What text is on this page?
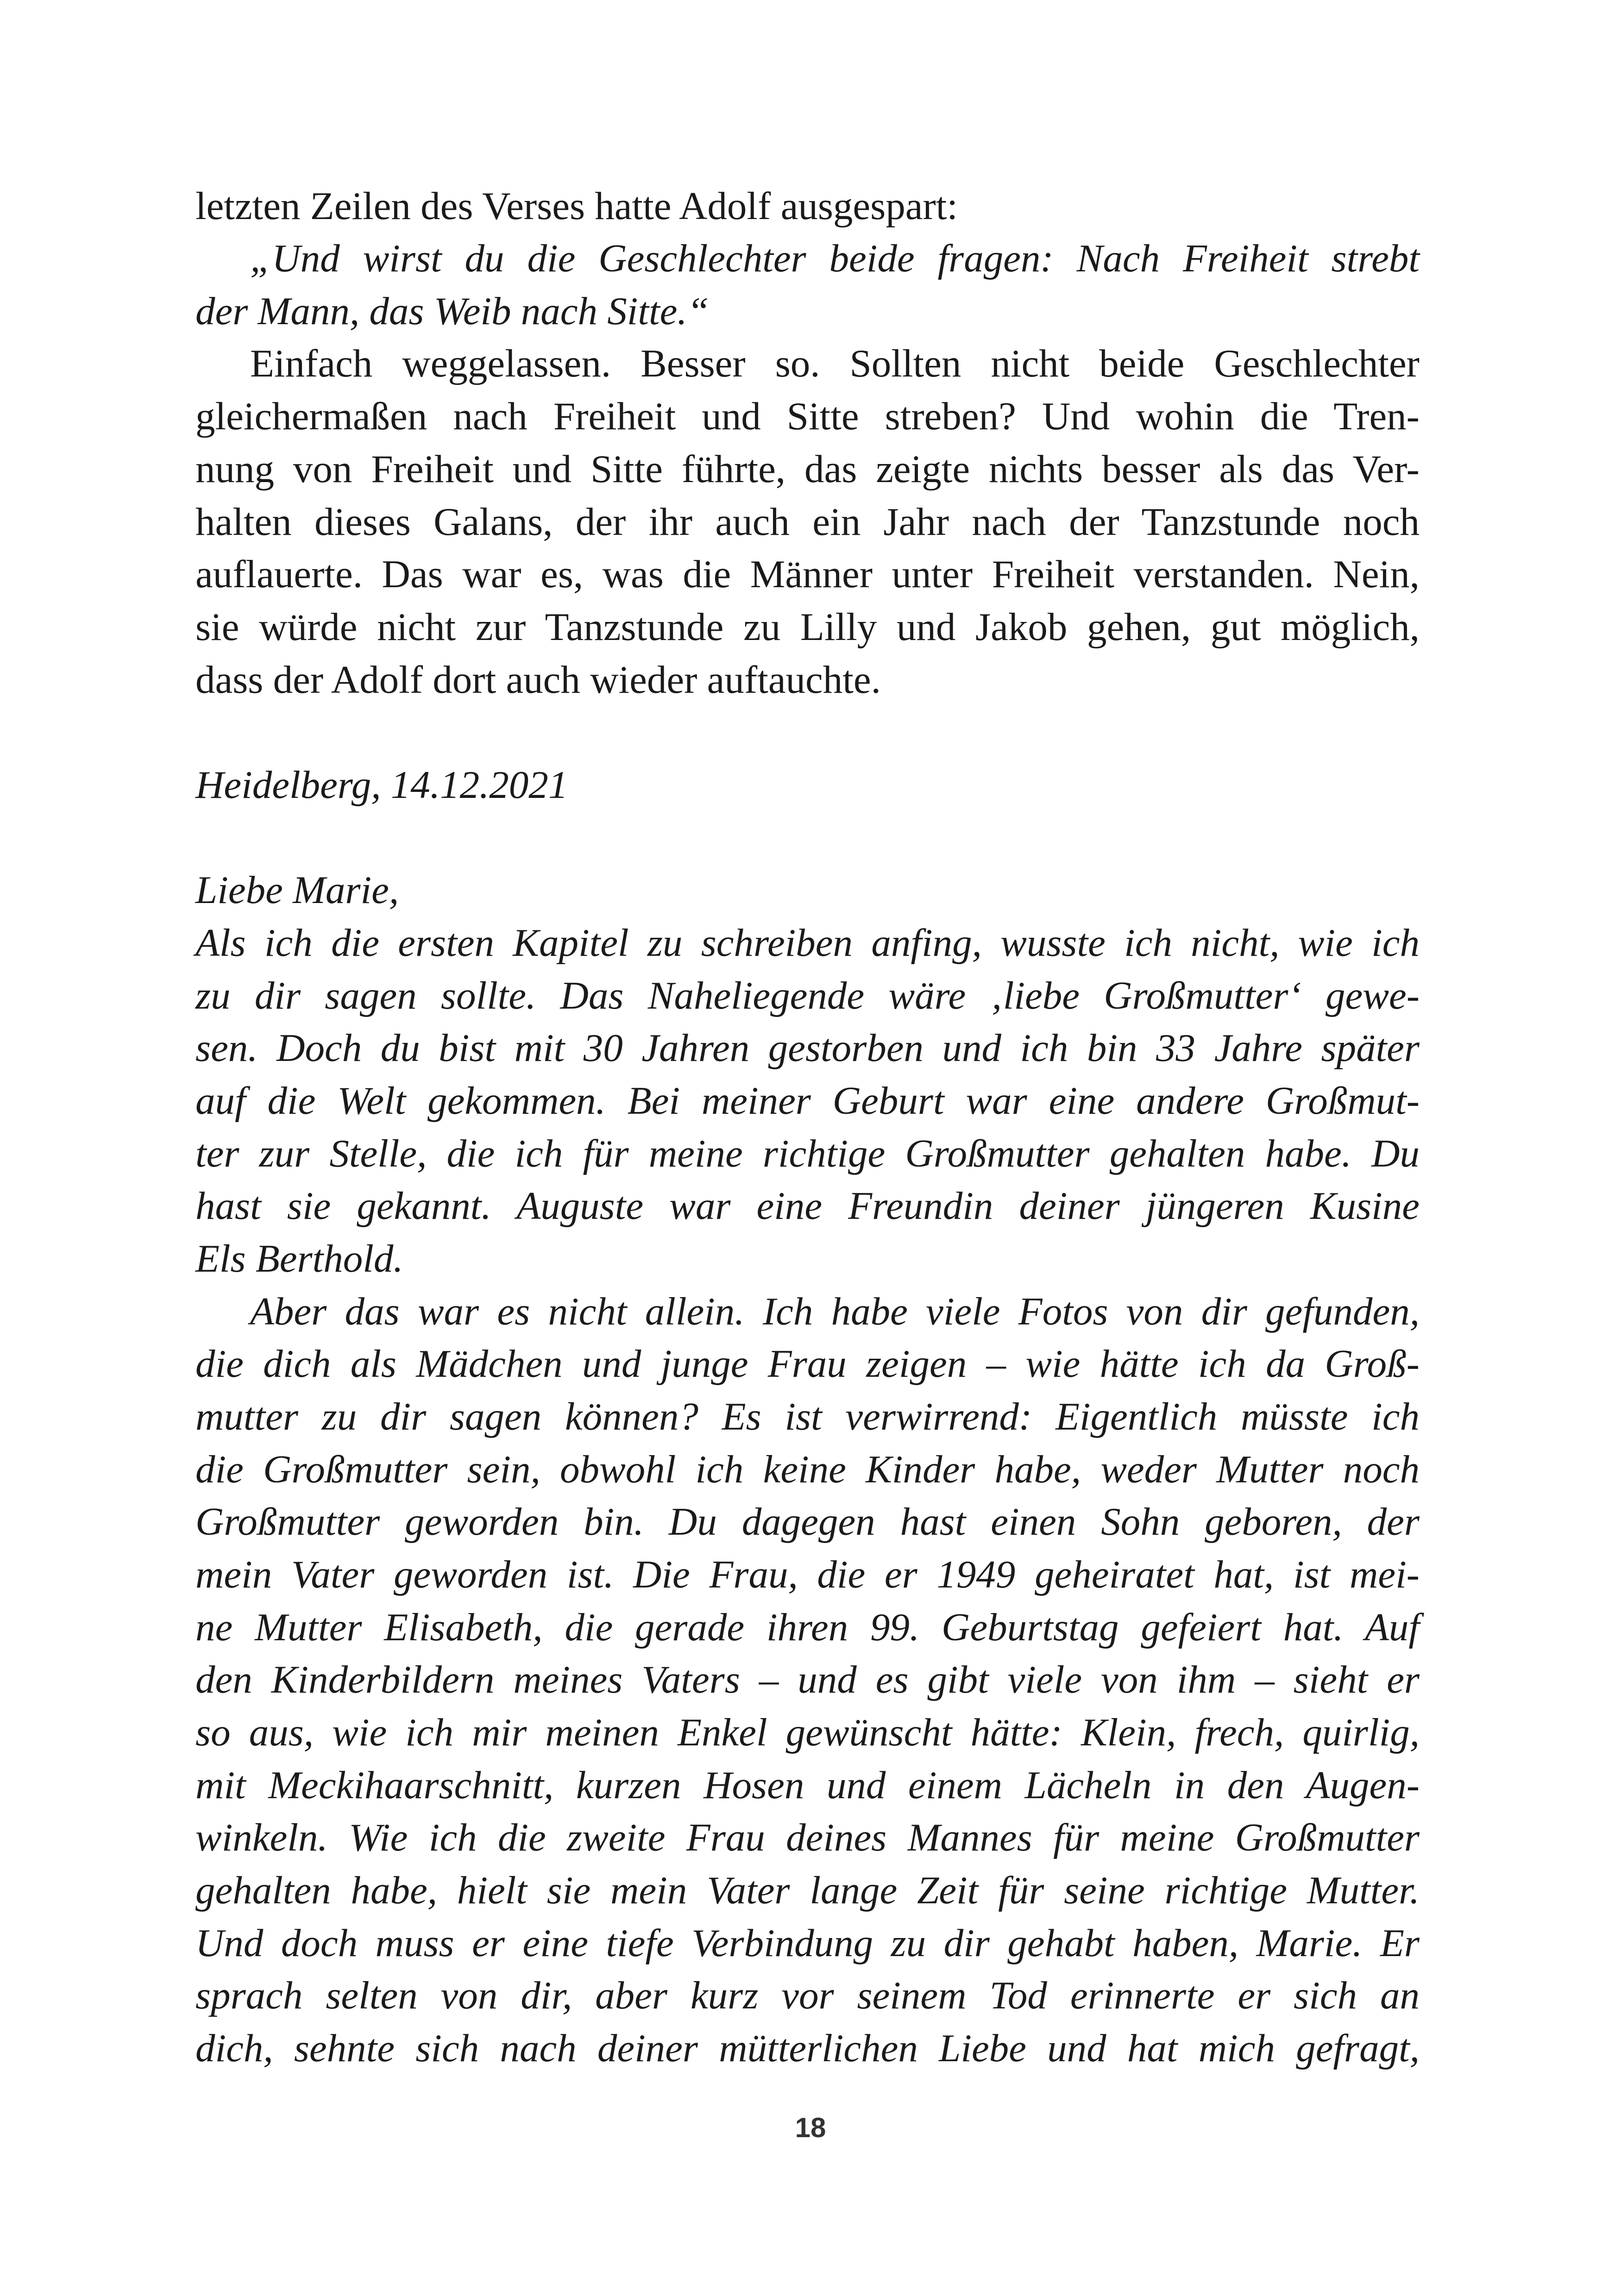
letzten Zeilen des Verses hatte Adolf ausgespart:
„Und wirst du die Geschlechter beide fragen: Nach Freiheit strebt
der Mann, das Weib nach Sitte.“
Einfach weggelassen. Besser so. Sollten nicht beide Geschlechter
gleichermaßen nach Freiheit und Sitte streben? Und wohin die Tren-
nung von Freiheit und Sitte führte, das zeigte nichts besser als das Ver-
halten dieses Galans, der ihr auch ein Jahr nach der Tanzstunde noch
auflauerte. Das war es, was die Männer unter Freiheit verstanden. Nein,
sie würde nicht zur Tanzstunde zu Lilly und Jakob gehen, gut möglich,
dass der Adolf dort auch wieder auftauchte.
Heidelberg, 14.12.2021
Liebe Marie,
Als ich die ersten Kapitel zu schreiben anfing, wusste ich nicht, wie ich
zu dir sagen sollte. Das Naheliegende wäre ‚liebe Großmutter‘ gewe-
sen. Doch du bist mit 30 Jahren gestorben und ich bin 33 Jahre später
auf die Welt gekommen. Bei meiner Geburt war eine andere Großmut-
ter zur Stelle, die ich für meine richtige Großmutter gehalten habe. Du
hast sie gekannt. Auguste war eine Freundin deiner jüngeren Kusine
Els Berthold.
Aber das war es nicht allein. Ich habe viele Fotos von dir gefunden,
die dich als Mädchen und junge Frau zeigen – wie hätte ich da Groß-
mutter zu dir sagen können? Es ist verwirrend: Eigentlich müsste ich
die Großmutter sein, obwohl ich keine Kinder habe, weder Mutter noch
Großmutter geworden bin. Du dagegen hast einen Sohn geboren, der
mein Vater geworden ist. Die Frau, die er 1949 geheiratet hat, ist mei-
ne Mutter Elisabeth, die gerade ihren 99. Geburtstag gefeiert hat. Auf
den Kinderbildern meines Vaters – und es gibt viele von ihm – sieht er
so aus, wie ich mir meinen Enkel gewünscht hätte: Klein, frech, quirlig,
mit Meckihaarschnitt, kurzen Hosen und einem Lächeln in den Augen-
winkeln. Wie ich die zweite Frau deines Mannes für meine Großmutter
gehalten habe, hielt sie mein Vater lange Zeit für seine richtige Mutter.
Und doch muss er eine tiefe Verbindung zu dir gehabt haben, Marie. Er
sprach selten von dir, aber kurz vor seinem Tod erinnerte er sich an
dich, sehnte sich nach deiner mütterlichen Liebe und hat mich gefragt,
18
